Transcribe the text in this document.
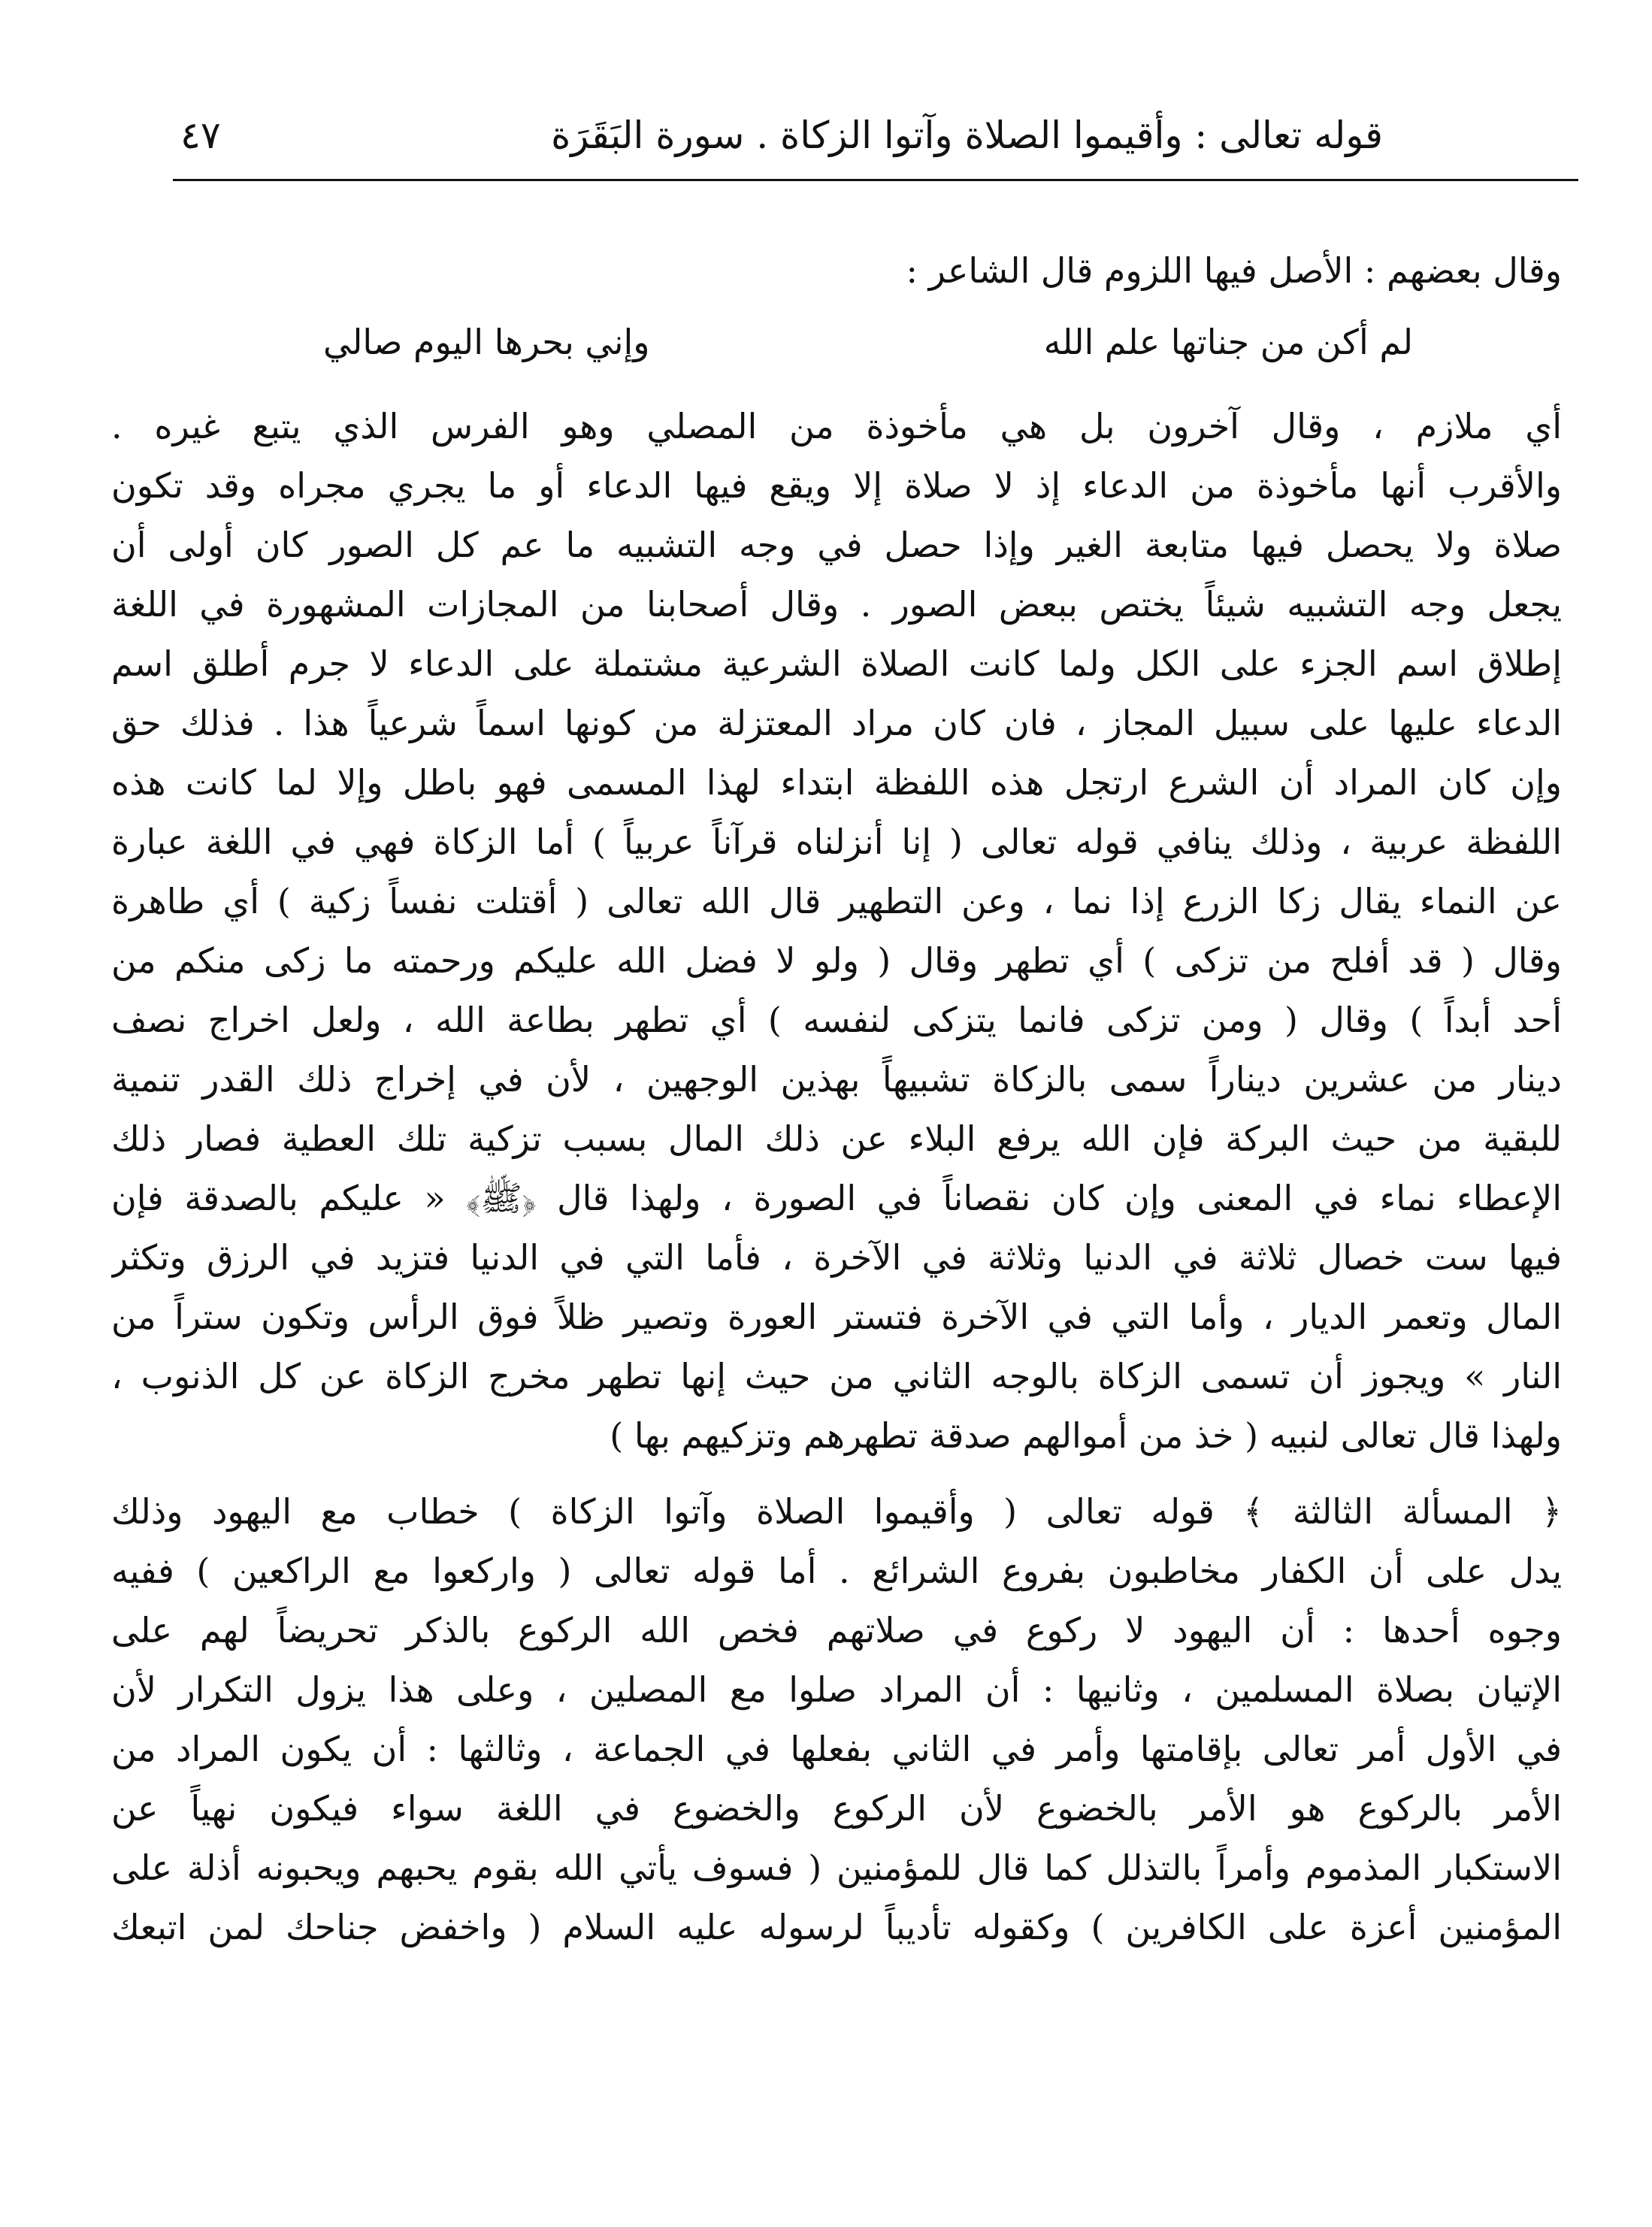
قوله تعالى : وأقيموا الصلاة وآتوا الزكاة . سورة البَقَرَة
٤٧
وقال بعضهم : الأصل فيها اللزوم قال الشاعر :
لم أكن من جناتها علم الله
وإني بحرها اليوم صالي
أي ملازم ، وقال آخرون بل هي مأخوذة من المصلي وهو الفرس الذي يتبع غيره .
والأقرب أنها مأخوذة من الدعاء إذ لا صلاة إلا ويقع فيها الدعاء أو ما يجري مجراه وقد تكون
صلاة ولا يحصل فيها متابعة الغير وإذا حصل في وجه التشبيه ما عم كل الصور كان أولى أن
يجعل وجه التشبيه شيئاً يختص ببعض الصور . وقال أصحابنا من المجازات المشهورة في اللغة
إطلاق اسم الجزء على الكل ولما كانت الصلاة الشرعية مشتملة على الدعاء لا جرم أطلق اسم
الدعاء عليها على سبيل المجاز ، فان كان مراد المعتزلة من كونها اسماً شرعياً هذا . فذلك حق
وإن كان المراد أن الشرع ارتجل هذه اللفظة ابتداء لهذا المسمى فهو باطل وإلا لما كانت هذه
اللفظة عربية ، وذلك ينافي قوله تعالى ( إنا أنزلناه قرآناً عربياً ) أما الزكاة فهي في اللغة عبارة
عن النماء يقال زكا الزرع إذا نما ، وعن التطهير قال الله تعالى ( أقتلت نفساً زكية ) أي طاهرة
وقال ( قد أفلح من تزكى ) أي تطهر وقال ( ولو لا فضل الله عليكم ورحمته ما زكى منكم من
أحد أبداً ) وقال ( ومن تزكى فانما يتزكى لنفسه ) أي تطهر بطاعة الله ، ولعل اخراج نصف
دينار من عشرين ديناراً سمى بالزكاة تشبيهاً بهذين الوجهين ، لأن في إخراج ذلك القدر تنمية
للبقية من حيث البركة فإن الله يرفع البلاء عن ذلك المال بسبب تزكية تلك العطية فصار ذلك
الإعطاء نماء في المعنى وإن كان نقصاناً في الصورة ، ولهذا قال ﴿ﷺ﴾ « عليكم بالصدقة فإن
فيها ست خصال ثلاثة في الدنيا وثلاثة في الآخرة ، فأما التي في الدنيا فتزيد في الرزق وتكثر
المال وتعمر الديار ، وأما التي في الآخرة فتستر العورة وتصير ظلاً فوق الرأس وتكون ستراً من
النار » ويجوز أن تسمى الزكاة بالوجه الثاني من حيث إنها تطهر مخرج الزكاة عن كل الذنوب ،
ولهذا قال تعالى لنبيه ( خذ من أموالهم صدقة تطهرهم وتزكيهم بها )
﴿ المسألة الثالثة ﴾ قوله تعالى ( وأقيموا الصلاة وآتوا الزكاة ) خطاب مع اليهود وذلك
يدل على أن الكفار مخاطبون بفروع الشرائع . أما قوله تعالى ( واركعوا مع الراكعين ) ففيه
وجوه أحدها : أن اليهود لا ركوع في صلاتهم فخص الله الركوع بالذكر تحريضاً لهم على
الإتيان بصلاة المسلمين ، وثانيها : أن المراد صلوا مع المصلين ، وعلى هذا يزول التكرار لأن
في الأول أمر تعالى بإقامتها وأمر في الثاني بفعلها في الجماعة ، وثالثها : أن يكون المراد من
الأمر بالركوع هو الأمر بالخضوع لأن الركوع والخضوع في اللغة سواء فيكون نهياً عن
الاستكبار المذموم وأمراً بالتذلل كما قال للمؤمنين ( فسوف يأتي الله بقوم يحبهم ويحبونه أذلة على
المؤمنين أعزة على الكافرين ) وكقوله تأديباً لرسوله عليه السلام ( واخفض جناحك لمن اتبعك
